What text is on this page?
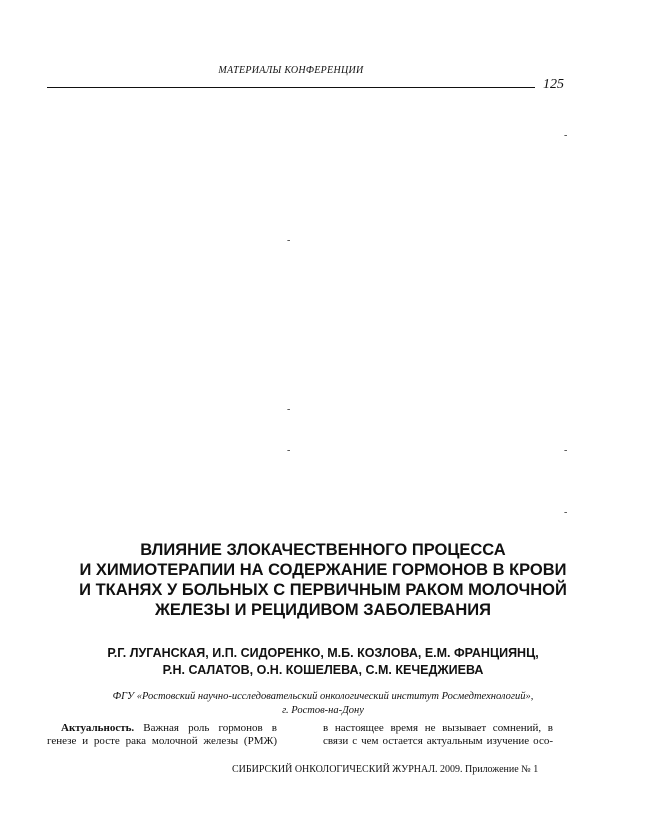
МАТЕРИАЛЫ КОНФЕРЕНЦИИ
125
-
-
-
-	-
-
ВЛИЯНИЕ ЗЛОКАЧЕСТВЕННОГО ПРОЦЕССА
И ХИМИОТЕРАПИИ НА СОДЕРЖАНИЕ ГОРМОНОВ В КРОВИ
И ТКАНЯХ У БОЛЬНЫХ С ПЕРВИЧНЫМ РАКОМ МОЛОЧНОЙ
ЖЕЛЕЗЫ И РЕЦИДИВОМ ЗАБОЛЕВАНИЯ
Р.Г. ЛУГАНСКАЯ, И.П. СИДОРЕНКО, М.Б. КОЗЛОВА, Е.М. ФРАНЦИЯНЦ,
Р.Н. САЛАТОВ, О.Н. КОШЕЛЕВА, С.М. КЕЧЕДЖИЕВА
ФГУ «Ростовский научно-исследовательский онкологический институт Росмедтехнологий»,
г. Ростов-на-Дону
Актуальность. Важная роль гормонов в
генезе и росте рака молочной железы (РМЖ)
в настоящее время не вызывает сомнений, в
связи с чем остается актуальным изучение осо-
СИБИРСКИЙ ОНКОЛОГИЧЕСКИЙ ЖУРНАЛ. 2009. Приложение № 1
